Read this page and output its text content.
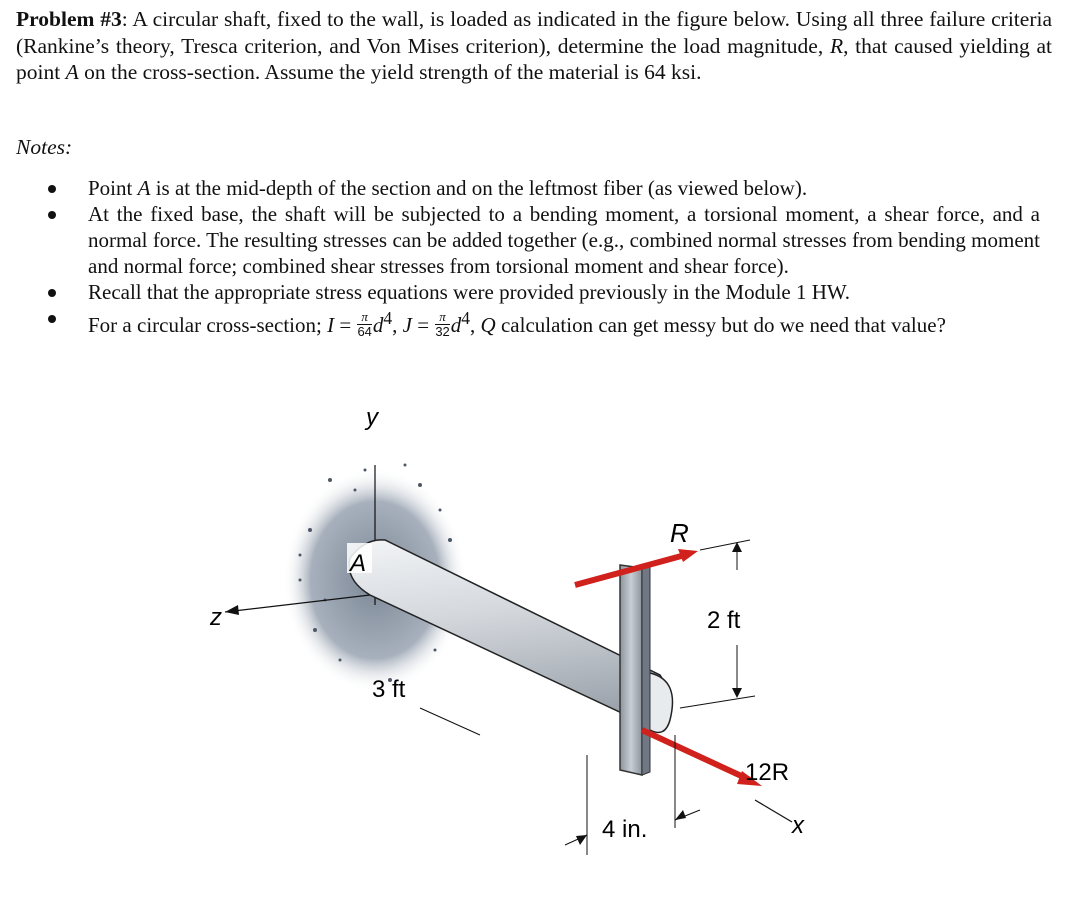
Problem #3: A circular shaft, fixed to the wall, is loaded as indicated in the figure below. Using all three failure criteria (Rankine’s theory, Tresca criterion, and Von Mises criterion), determine the load magnitude, R, that caused yielding at point A on the cross-section. Assume the yield strength of the material is 64 ksi.
Notes:
Point A is at the mid-depth of the section and on the leftmost fiber (as viewed below).
At the fixed base, the shaft will be subjected to a bending moment, a torsional moment, a shear force, and a normal force. The resulting stresses can be added together (e.g., combined normal stresses from bending moment and normal force; combined shear stresses from torsional moment and shear force).
Recall that the appropriate stress equations were provided previously in the Module 1 HW.
For a circular cross-section; $I = \frac{\pi}{64} d^4$, $J = \frac{\pi}{32} d^4$, Q calculation can get messy but do we need that value?
y
z
A
R
12R
x
2 ft
3 ft
4 in.
